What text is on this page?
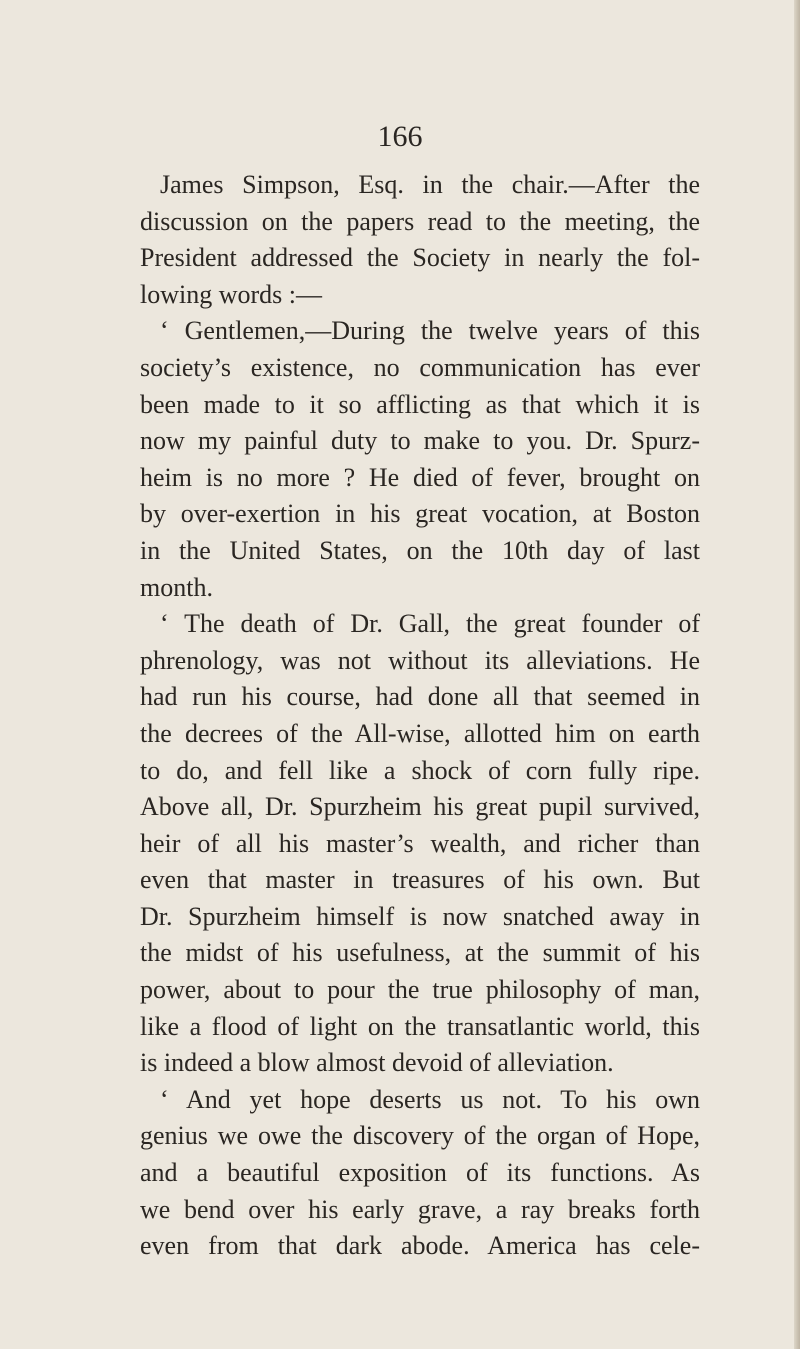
166

James Simpson, Esq. in the chair.—After the
discussion on the papers read to the meeting, the
President addressed the Society in nearly the fol-
lowing words :—
‘ Gentlemen,—During the twelve years of this
society’s existence, no communication has ever
been made to it so afflicting as that which it is
now my painful duty to make to you. Dr. Spurz-
heim is no more ? He died of fever, brought on
by over-exertion in his great vocation, at Boston
in the United States, on the 10th day of last
month.
‘ The death of Dr. Gall, the great founder of
phrenology, was not without its alleviations. He
had run his course, had done all that seemed in
the decrees of the All-wise, allotted him on earth
to do, and fell like a shock of corn fully ripe.
Above all, Dr. Spurzheim his great pupil survived,
heir of all his master’s wealth, and richer than
even that master in treasures of his own. But
Dr. Spurzheim himself is now snatched away in
the midst of his usefulness, at the summit of his
power, about to pour the true philosophy of man,
like a flood of light on the transatlantic world, this
is indeed a blow almost devoid of alleviation.
‘ And yet hope deserts us not. To his own
genius we owe the discovery of the organ of Hope,
and a beautiful exposition of its functions. As
we bend over his early grave, a ray breaks forth
even from that dark abode. America has cele-
